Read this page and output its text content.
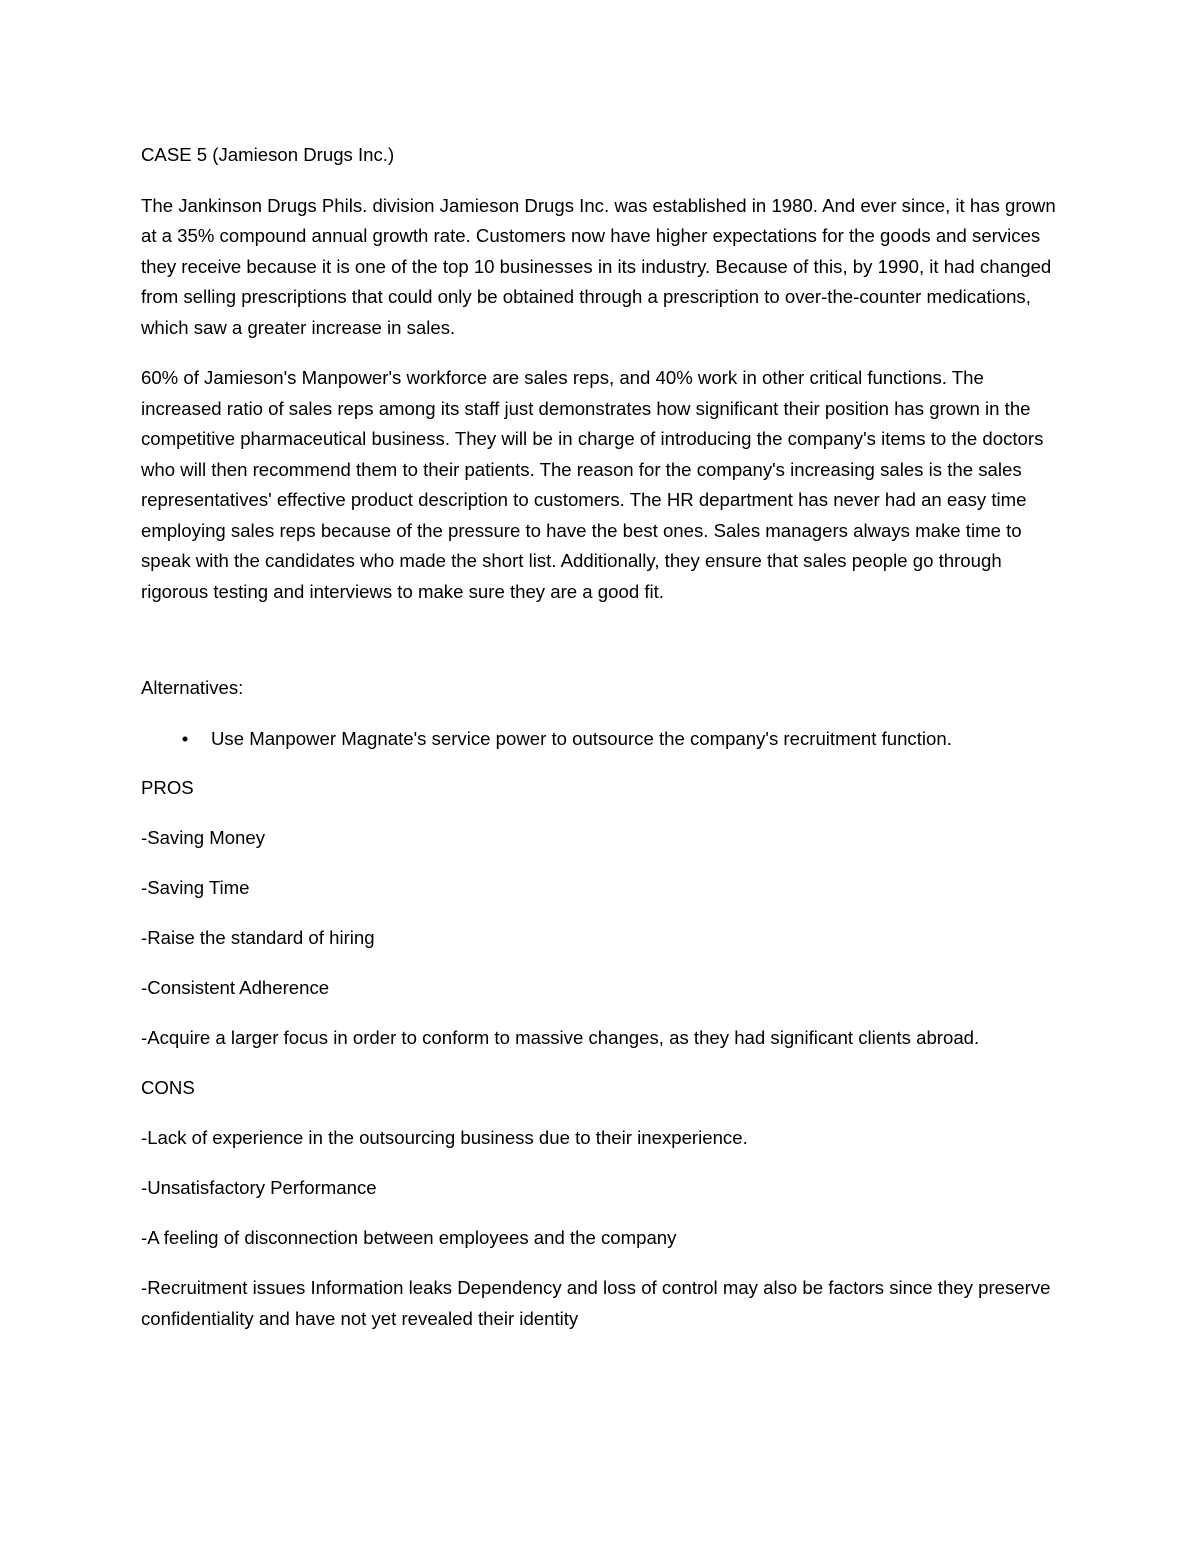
CASE 5 (Jamieson Drugs Inc.)

The Jankinson Drugs Phils. division Jamieson Drugs Inc. was established in 1980. And ever since, it has grown at a 35% compound annual growth rate. Customers now have higher expectations for the goods and services they receive because it is one of the top 10 businesses in its industry. Because of this, by 1990, it had changed from selling prescriptions that could only be obtained through a prescription to over-the-counter medications, which saw a greater increase in sales.

60% of Jamieson's Manpower's workforce are sales reps, and 40% work in other critical functions. The increased ratio of sales reps among its staff just demonstrates how significant their position has grown in the competitive pharmaceutical business. They will be in charge of introducing the company's items to the doctors who will then recommend them to their patients. The reason for the company's increasing sales is the sales representatives' effective product description to customers. The HR department has never had an easy time employing sales reps because of the pressure to have the best ones. Sales managers always make time to speak with the candidates who made the short list. Additionally, they ensure that sales people go through rigorous testing and interviews to make sure they are a good fit.

Alternatives:

•	Use Manpower Magnate's service power to outsource the company's recruitment function.

PROS

-Saving Money

-Saving Time

-Raise the standard of hiring

-Consistent Adherence

-Acquire a larger focus in order to conform to massive changes, as they had significant clients abroad.

CONS

-Lack of experience in the outsourcing business due to their inexperience.

-Unsatisfactory Performance

-A feeling of disconnection between employees and the company

-Recruitment issues Information leaks Dependency and loss of control may also be factors since they preserve confidentiality and have not yet revealed their identity
